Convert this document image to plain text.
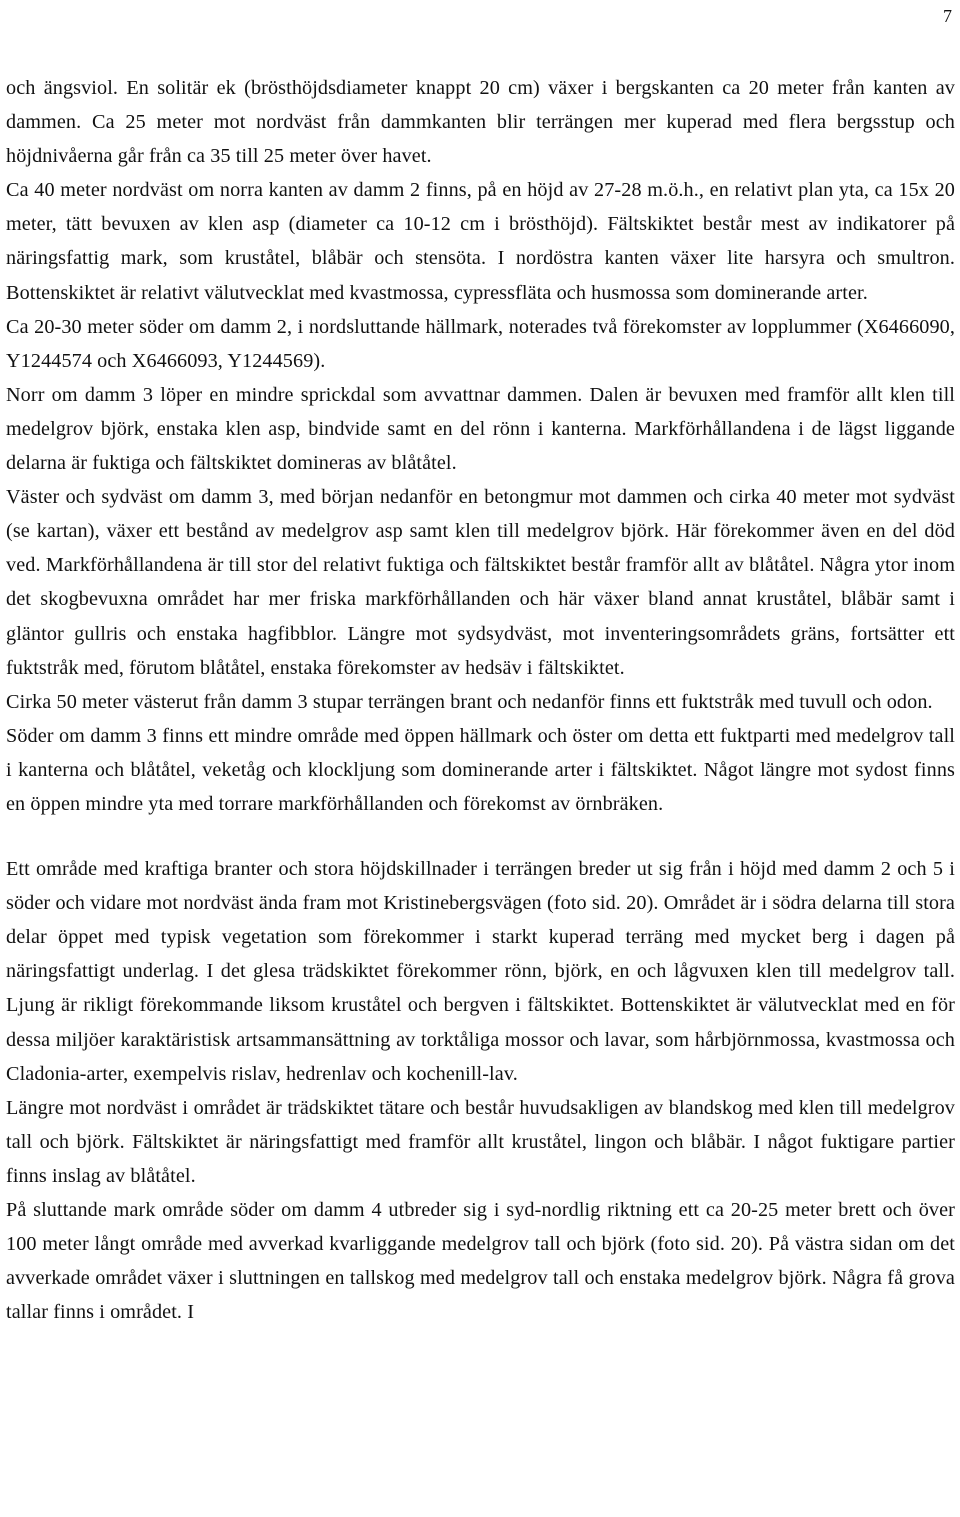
7

och ängsviol. En solitär ek (brösthöjdsdiameter knappt 20 cm) växer i bergskanten ca 20 meter från kanten av dammen. Ca 25 meter mot nordväst från dammkanten blir terrängen mer kuperad med flera bergsstup och höjdnivåerna går från ca 35 till 25 meter över havet.

Ca 40 meter nordväst om norra kanten av damm 2 finns, på en höjd av 27-28 m.ö.h., en relativt plan yta, ca 15x 20 meter, tätt bevuxen av klen asp (diameter ca 10-12 cm i brösthöjd). Fältskiktet består mest av indikatorer på näringsfattig mark, som kruståtel, blåbär och stensöta. I nordöstra kanten växer lite harsyra och smultron. Bottenskiktet är relativt välutvecklat med kvastmossa, cypressfläta och husmossa som dominerande arter.

Ca 20-30 meter söder om damm 2, i nordsluttande hällmark, noterades två förekomster av lopplummer (X6466090, Y1244574 och X6466093, Y1244569).

Norr om damm 3 löper en mindre sprickdal som avvattnar dammen. Dalen är bevuxen med framför allt klen till medelgrov björk, enstaka klen asp, bindvide samt en del rönn i kanterna. Markförhållandena i de lägst liggande delarna är fuktiga och fältskiktet domineras av blåtåtel.

Väster och sydväst om damm 3, med början nedanför en betongmur mot dammen och cirka 40 meter mot sydväst (se kartan), växer ett bestånd av medelgrov asp samt klen till medelgrov björk. Här förekommer även en del död ved. Markförhållandena är till stor del relativt fuktiga och fältskiktet består framför allt av blåtåtel. Några ytor inom det skogbevuxna området har mer friska markförhållanden och här växer bland annat kruståtel, blåbär samt i gläntor gullris och enstaka hagfibblor. Längre mot sydsydväst, mot inventeringsområdets gräns, fortsätter ett fuktstråk med, förutom blåtåtel, enstaka förekomster av hedsäv i fältskiktet.

Cirka 50 meter västerut från damm 3 stupar terrängen brant och nedanför finns ett fuktstråk med tuvull och odon.

Söder om damm 3 finns ett mindre område med öppen hällmark och öster om detta ett fuktparti med medelgrov tall i kanterna och blåtåtel, veketåg och klockljung som dominerande arter i fältskiktet. Något längre mot sydost finns en öppen mindre yta med torrare markförhållanden och förekomst av örnbräken.

Ett område med kraftiga branter och stora höjdskillnader i terrängen breder ut sig från i höjd med damm 2 och 5 i söder och vidare mot nordväst ända fram mot Kristinebergsvägen (foto sid. 20). Området är i södra delarna till stora delar öppet med typisk vegetation som förekommer i starkt kuperad terräng med mycket berg i dagen på näringsfattigt underlag. I det glesa trädskiktet förekommer rönn, björk, en och lågvuxen klen till medelgrov tall. Ljung är rikligt förekommande liksom kruståtel och bergven i fältskiktet. Bottenskiktet är välutvecklat med en för dessa miljöer karaktäristisk artsammansättning av torktåliga mossor och lavar, som hårbjörnmossa, kvastmossa och Cladonia-arter, exempelvis rislav, hedrenlav och kochenill-lav.

Längre mot nordväst i området är trädskiktet tätare och består huvudsakligen av blandskog med klen till medelgrov tall och björk. Fältskiktet är näringsfattigt med framför allt kruståtel, lingon och blåbär. I något fuktigare partier finns inslag av blåtåtel.

På sluttande mark område söder om damm 4 utbreder sig i syd-nordlig riktning ett ca 20-25 meter brett och över 100 meter långt område med avverkad kvarliggande medelgrov tall och björk (foto sid. 20). På västra sidan om det avverkade området växer i sluttningen en tallskog med medelgrov tall och enstaka medelgrov björk. Några få grova tallar finns i området. I
